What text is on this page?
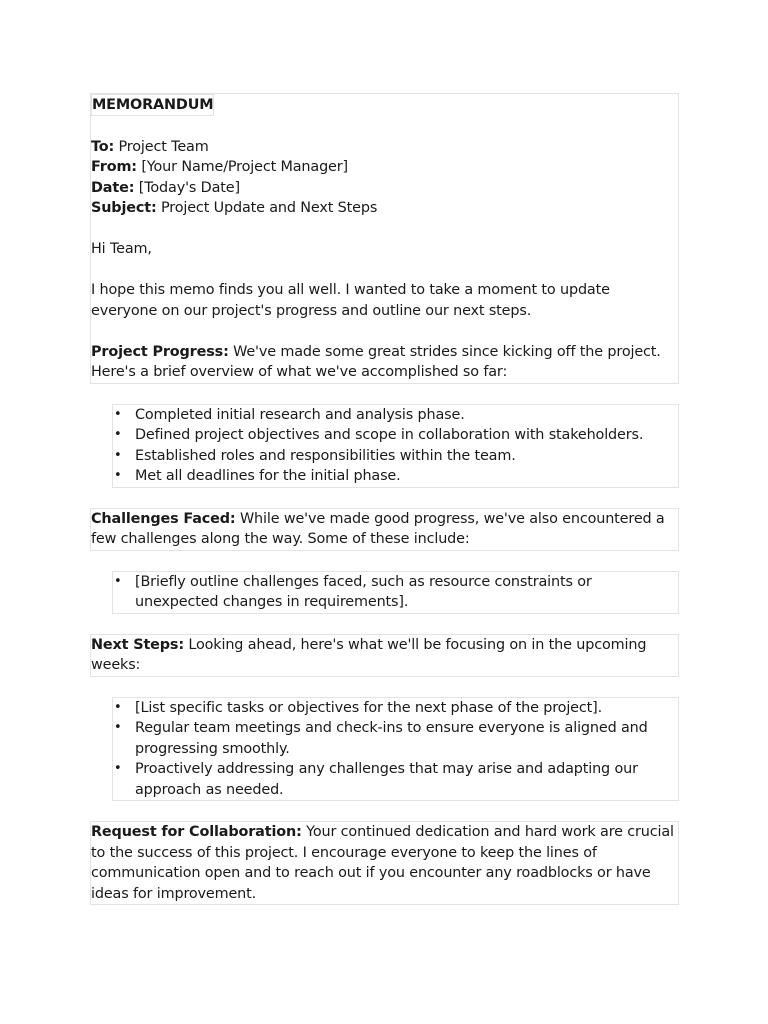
MEMORANDUM
To: Project Team
From: [Your Name/Project Manager]
Date: [Today's Date]
Subject: Project Update and Next Steps
Hi Team,

I hope this memo finds you all well. I wanted to take a moment to update everyone on our project's progress and outline our next steps.

Project Progress: We've made some great strides since kicking off the project. Here's a brief overview of what we've accomplished so far:

• Completed initial research and analysis phase.
• Defined project objectives and scope in collaboration with stakeholders.
• Established roles and responsibilities within the team.
• Met all deadlines for the initial phase.

Challenges Faced: While we've made good progress, we've also encountered a few challenges along the way. Some of these include:

• [Briefly outline challenges faced, such as resource constraints or unexpected changes in requirements].

Next Steps: Looking ahead, here's what we'll be focusing on in the upcoming weeks:

• [List specific tasks or objectives for the next phase of the project].
• Regular team meetings and check-ins to ensure everyone is aligned and progressing smoothly.
• Proactively addressing any challenges that may arise and adapting our approach as needed.

Request for Collaboration: Your continued dedication and hard work are crucial to the success of this project. I encourage everyone to keep the lines of communication open and to reach out if you encounter any roadblocks or have ideas for improvement.
